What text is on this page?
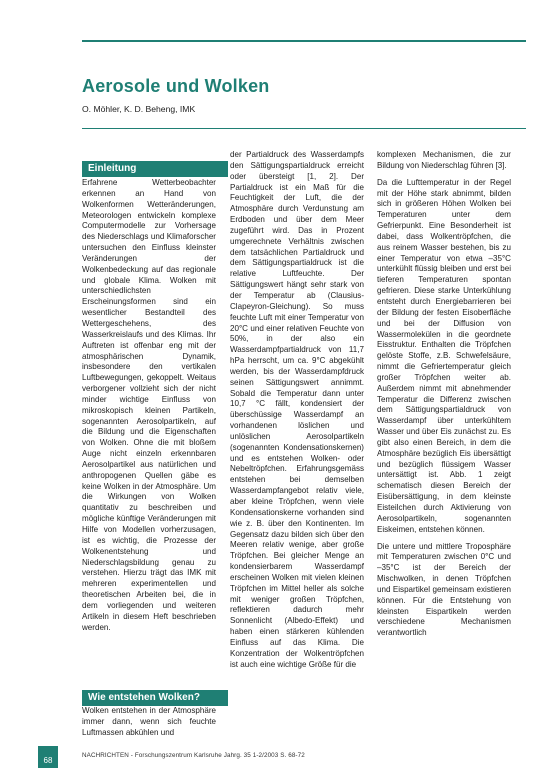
Aerosole und Wolken
O. Möhler, K. D. Beheng, IMK
Einleitung

Erfahrene Wetterbeobachter erkennen an Hand von Wolkenformen Wetteränderungen, Meteorologen entwickeln komplexe Computermodelle zur Vorhersage des Niederschlags und Klimaforscher untersuchen den Einfluss kleinster Veränderungen der Wolkenbedeckung auf das regionale und globale Klima. Wolken mit unterschiedlichsten Erscheinungsformen sind ein wesentlicher Bestandteil des Wettergeschehens, des Wasserkreislaufs und des Klimas. Ihr Auftreten ist offenbar eng mit der atmosphärischen Dynamik, insbesondere den vertikalen Luftbewegungen, gekoppelt. Weitaus verborgener vollzieht sich der nicht minder wichtige Einfluss von mikroskopisch kleinen Partikeln, sogenannten Aerosolpartikeln, auf die Bildung und die Eigenschaften von Wolken. Ohne die mit bloßem Auge nicht einzeln erkennbaren Aerosolpartikel aus natürlichen und anthropogenen Quellen gäbe es keine Wolken in der Atmosphäre. Um die Wirkungen von Wolken quantitativ zu beschreiben und mögliche künftige Veränderungen mit Hilfe von Modellen vorherzusagen, ist es wichtig, die Prozesse der Wolkenentstehung und Niederschlagsbildung genau zu verstehen. Hierzu trägt das IMK mit mehreren experimentellen und theoretischen Arbeiten bei, die in dem vorliegenden und weiteren Artikeln in diesem Heft beschrieben werden.

Wolken entstehen in der Atmosphäre immer dann, wenn sich feuchte Luftmassen abkühlen und

Wie entstehen Wolken?

der Partialdruck des Wasserdampfs den Sättigungspartialdruck erreicht oder übersteigt [1, 2]. Der Partialdruck ist ein Maß für die Feuchtigkeit der Luft, die der Atmosphäre durch Verdunstung am Erdboden und über dem Meer zugeführt wird. Das in Prozent umgerechnete Verhältnis zwischen dem tatsächlichen Partialdruck und dem Sättigungspartialdruck ist die relative Luftfeuchte. Der Sättigungswert hängt sehr stark von der Temperatur ab (Clausius-Clapeyron-Gleichung). So muss feuchte Luft mit einer Temperatur von 20°C und einer relativen Feuchte von 50%, in der also ein Wasserdampfpartialdruck von 11,7 hPa herrscht, um ca. 9°C abgekühlt werden, bis der Wasserdampfdruck seinen Sättigungswert annimmt. Sobald die Temperatur dann unter 10,7 °C fällt, kondensiert der überschüssige Wasserdampf an vorhandenen löslichen und unlöslichen Aerosolpartikeln (sogenannten Kondensationskernen) und es entstehen Wolken- oder Nebeltröpfchen. Erfahrungsgemäss entstehen bei demselben Wasserdampfangebot relativ viele, aber kleine Tröpfchen, wenn viele Kondensationskerne vorhanden sind wie z. B. über den Kontinenten. Im Gegensatz dazu bilden sich über den Meeren relativ wenige, aber große Tröpfchen. Bei gleicher Menge an kondensierbarem Wasserdampf erscheinen Wolken mit vielen kleinen Tröpfchen im Mittel heller als solche mit weniger großen Tröpfchen, reflektieren dadurch mehr Sonnenlicht (Albedo-Effekt) und haben einen stärkeren kühlenden Einfluss auf das Klima. Die Konzentration der Wolkentröpfchen ist auch eine wichtige Größe für die

komplexen Mechanismen, die zur Bildung von Niederschlag führen [3].

Da die Lufttemperatur in der Regel mit der Höhe stark abnimmt, bilden sich in größeren Höhen Wolken bei Temperaturen unter dem Gefrierpunkt. Eine Besonderheit ist dabei, dass Wolkentröpfchen, die aus reinem Wasser bestehen, bis zu einer Temperatur von etwa –35°C unterkühlt flüssig bleiben und erst bei tieferen Temperaturen spontan gefrieren. Diese starke Unterkühlung entsteht durch Energiebarrieren bei der Bildung der festen Eisoberfläche und bei der Diffusion von Wassermolekülen in die geordnete Eisstruktur. Enthalten die Tröpfchen gelöste Stoffe, z.B. Schwefelsäure, nimmt die Gefriertemperatur gleich großer Tröpfchen weiter ab. Außerdem nimmt mit abnehmender Temperatur die Differenz zwischen dem Sättigungspartialdruck von Wasserdampf über unterkühltem Wasser und über Eis zunächst zu. Es gibt also einen Bereich, in dem die Atmosphäre bezüglich Eis übersättigt und bezüglich flüssigem Wasser untersättigt ist. Abb. 1 zeigt schematisch diesen Bereich der Eisübersättigung, in dem kleinste Eisteilchen durch Aktivierung von Aerosolpartikeln, sogenannten Eiskeimen, entstehen können.

Die untere und mittlere Troposphäre mit Temperaturen zwischen 0°C und –35°C ist der Bereich der Mischwolken, in denen Tröpfchen und Eispartikel gemeinsam existieren können. Für die Entstehung von kleinsten Eispartikeln werden verschiedene Mechanismen verantwortlich

68
NACHRICHTEN - Forschungszentrum Karlsruhe Jahrg. 35 1-2/2003 S. 68-72
